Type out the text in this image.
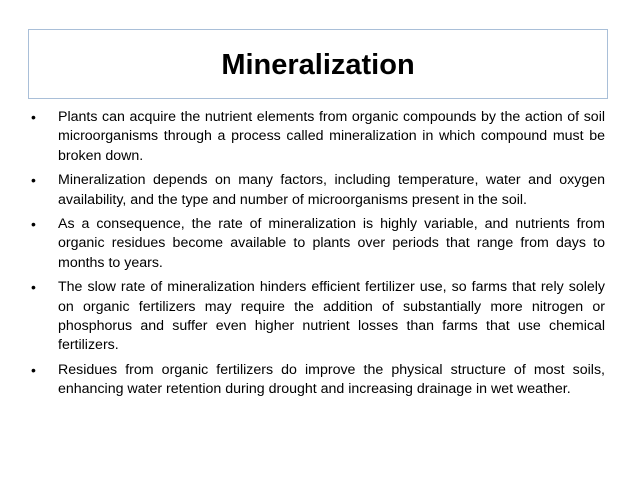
Mineralization
•	Plants can acquire the nutrient elements from organic compounds by the action of soil microorganisms through a process called mineralization in which compound must be broken down.
•	Mineralization depends on many factors, including temperature, water and oxygen availability, and the type and number of microorganisms present in the soil.
•	As a consequence, the rate of mineralization is highly variable, and nutrients from organic residues become available to plants over periods that range from days to months to years.
•	The slow rate of mineralization hinders efficient fertilizer use, so farms that rely solely on organic fertilizers may require the addition of substantially more nitrogen or phosphorus and suffer even higher nutrient losses than farms that use chemical fertilizers.
•	Residues from organic fertilizers do improve the physical structure of most soils, enhancing water retention during drought and increasing drainage in wet weather.
